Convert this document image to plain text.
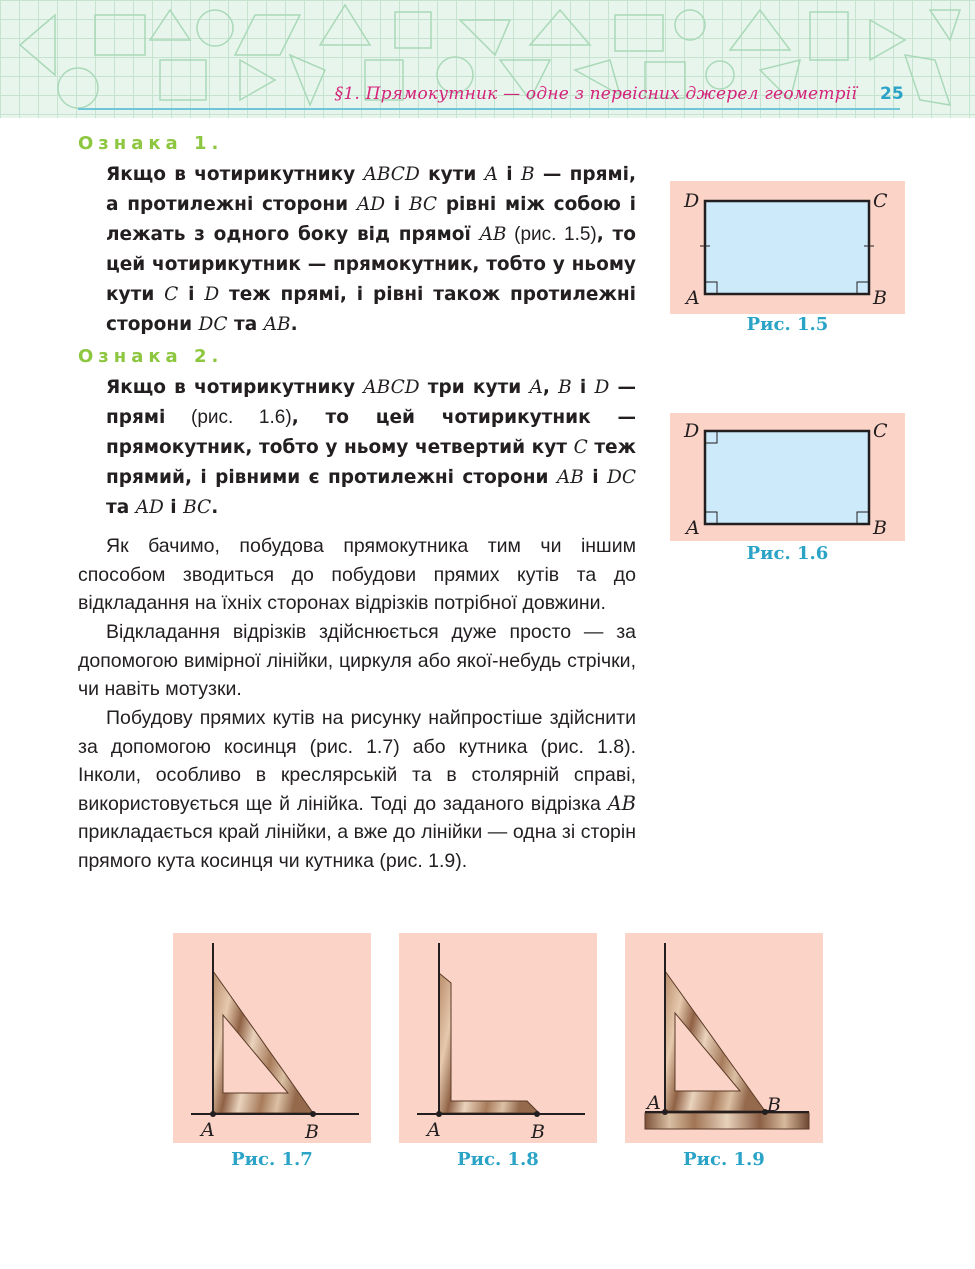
§1. Прямокутник — одне з первісних джерел геометрії 25
Ознака 1.
Якщо в чотирикутнику ABCD кути A і B — прямі, а протилежні сторони AD і BC рівні між собою і лежать з одного боку від прямої AB (рис. 1.5), то цей чотирикутник — прямокутник, тобто у ньому кути C і D теж прямі, і рівні також протилежні сторони DC та AB.
Ознака 2.
Якщо в чотирикутнику ABCD три кути A, B і D — прямі (рис. 1.6), то цей чотирикутник — прямокутник, тобто у ньому четвертий кут C теж прямий, і рівними є протилежні сторони AB і DC та AD і BC.
Як бачимо, побудова прямокутника тим чи іншим способом зводиться до побудови прямих кутів та до відкладання на їхніх сторонах відрізків потрібної довжини.
Відкладання відрізків здійснюється дуже просто — за допомогою вимірної лінійки, циркуля або якої-небудь стрічки, чи навіть мотузки.
Побудову прямих кутів на рисунку найпростіше здійснити за допомогою косинця (рис. 1.7) або кутника (рис. 1.8). Інколи, особливо в креслярській та в столярній справі, використовується ще й лінійка. Тоді до заданого відрізка AB прикладається край лінійки, а вже до лінійки — одна зі сторін прямого кута косинця чи кутника (рис. 1.9).
D	C
A	B
Рис. 1.5
D	C
A	B
Рис. 1.6
A	B
Рис. 1.7
A	B
Рис. 1.8
A	B
Рис. 1.9
